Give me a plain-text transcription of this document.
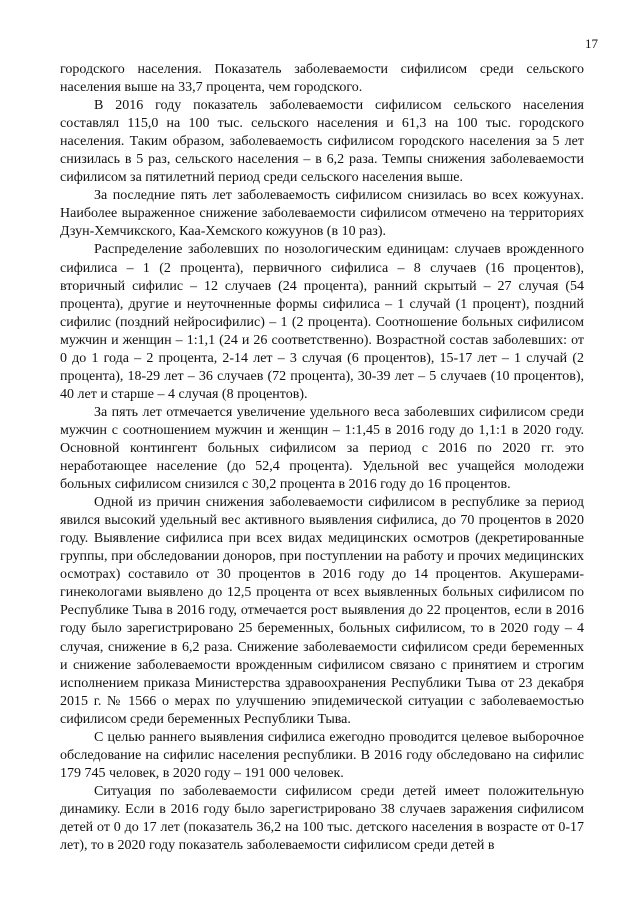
17

городского населения. Показатель заболеваемости сифилисом среди сельского населения выше на 33,7 процента, чем городского.

В 2016 году показатель заболеваемости сифилисом сельского населения составлял 115,0 на 100 тыс. сельского населения и 61,3 на 100 тыс. городского населения. Таким образом, заболеваемость сифилисом городского населения за 5 лет снизилась в 5 раз, сельского населения – в 6,2 раза. Темпы снижения заболеваемости сифилисом за пятилетний период среди сельского населения выше.

За последние пять лет заболеваемость сифилисом снизилась во всех кожуунах. Наиболее выраженное снижение заболеваемости сифилисом отмечено на территориях Дзун-Хемчикского, Каа-Хемского кожуунов (в 10 раз).

Распределение заболевших по нозологическим единицам: случаев врожденного сифилиса – 1 (2 процента), первичного сифилиса – 8 случаев (16 процентов), вторичный сифилис – 12 случаев (24 процента), ранний скрытый – 27 случая (54 процента), другие и неуточненные формы сифилиса – 1 случай (1 процент), поздний сифилис (поздний нейросифилис) – 1 (2 процента). Соотношение больных сифилисом мужчин и женщин – 1:1,1 (24 и 26 соответственно). Возрастной состав заболевших: от 0 до 1 года – 2 процента, 2-14 лет – 3 случая (6 процентов), 15-17 лет – 1 случай (2 процента), 18-29 лет – 36 случаев (72 процента), 30-39 лет – 5 случаев (10 процентов), 40 лет и старше – 4 случая (8 процентов).

За пять лет отмечается увеличение удельного веса заболевших сифилисом среди мужчин с соотношением мужчин и женщин – 1:1,45 в 2016 году до 1,1:1 в 2020 году. Основной контингент больных сифилисом за период с 2016 по 2020 гг. это неработающее население (до 52,4 процента). Удельной вес учащейся молодежи больных сифилисом снизился с 30,2 процента в 2016 году до 16 процентов.

Одной из причин снижения заболеваемости сифилисом в республике за период явился высокий удельный вес активного выявления сифилиса, до 70 процентов в 2020 году. Выявление сифилиса при всех видах медицинских осмотров (декретированные группы, при обследовании доноров, при поступлении на работу и прочих медицинских осмотрах) составило от 30 процентов в 2016 году до 14 процентов. Акушерами-гинекологами выявлено до 12,5 процента от всех выявленных больных сифилисом по Республике Тыва в 2016 году, отмечается рост выявления до 22 процентов, если в 2016 году было зарегистрировано 25 беременных, больных сифилисом, то в 2020 году – 4 случая, снижение в 6,2 раза. Снижение заболеваемости сифилисом среди беременных и снижение заболеваемости врожденным сифилисом связано с принятием и строгим исполнением приказа Министерства здравоохранения Республики Тыва от 23 декабря 2015 г. № 1566 о мерах по улучшению эпидемической ситуации с заболеваемостью сифилисом среди беременных Республики Тыва.

С целью раннего выявления сифилиса ежегодно проводится целевое выборочное обследование на сифилис населения республики. В 2016 году обследовано на сифилис 179 745 человек, в 2020 году – 191 000 человек.

Ситуация по заболеваемости сифилисом среди детей имеет положительную динамику. Если в 2016 году было зарегистрировано 38 случаев заражения сифилисом детей от 0 до 17 лет (показатель 36,2 на 100 тыс. детского населения в возрасте от 0-17 лет), то в 2020 году показатель заболеваемости сифилисом среди детей в
